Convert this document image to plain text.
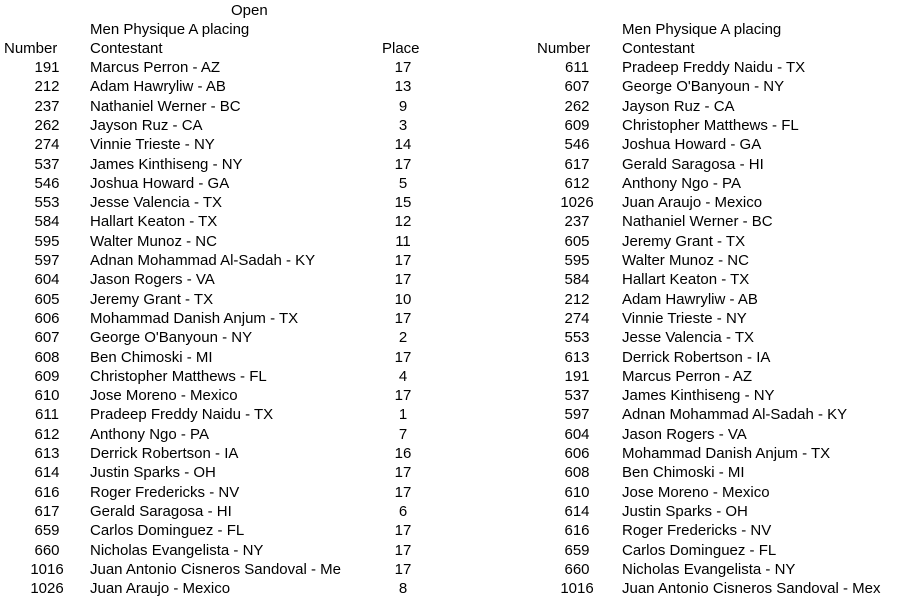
Open
Men Physique A placing
Number Contestant	Place
Men Physique A placing
Number Contestant
191	Marcus Perron - AZ	17
212	Adam Hawryliw - AB	13
237	Nathaniel Werner - BC	9
262	Jayson Ruz - CA	3
274	Vinnie Trieste - NY	14
537	James Kinthiseng - NY	17
546	Joshua Howard - GA	5
553	Jesse Valencia - TX	15
584	Hallart Keaton - TX	12
595	Walter Munoz - NC	11
597	Adnan Mohammad Al-Sadah - KY	17
604	Jason Rogers - VA	17
605	Jeremy Grant - TX	10
606	Mohammad Danish Anjum - TX	17
607	George O'Banyoun - NY	2
608	Ben Chimoski - MI	17
609	Christopher Matthews - FL	4
610	Jose Moreno - Mexico	17
611	Pradeep Freddy Naidu - TX	1
612	Anthony Ngo - PA	7
613	Derrick Robertson - IA	16
614	Justin Sparks - OH	17
616	Roger Fredericks - NV	17
617	Gerald Saragosa - HI	6
659	Carlos Dominguez - FL	17
660	Nicholas Evangelista - NY	17
1016	Juan Antonio Cisneros Sandoval - Me	17
1026	Juan Araujo - Mexico	8
611	Pradeep Freddy Naidu - TX
607	George O'Banyoun - NY
262	Jayson Ruz - CA
609	Christopher Matthews - FL
546	Joshua Howard - GA
617	Gerald Saragosa - HI
612	Anthony Ngo - PA
1026	Juan Araujo - Mexico
237	Nathaniel Werner - BC
605	Jeremy Grant - TX
595	Walter Munoz - NC
584	Hallart Keaton - TX
212	Adam Hawryliw - AB
274	Vinnie Trieste - NY
553	Jesse Valencia - TX
613	Derrick Robertson - IA
191	Marcus Perron - AZ
537	James Kinthiseng - NY
597	Adnan Mohammad Al-Sadah - KY
604	Jason Rogers - VA
606	Mohammad Danish Anjum - TX
608	Ben Chimoski - MI
610	Jose Moreno - Mexico
614	Justin Sparks - OH
616	Roger Fredericks - NV
659	Carlos Dominguez - FL
660	Nicholas Evangelista - NY
1016	Juan Antonio Cisneros Sandoval - Mex
